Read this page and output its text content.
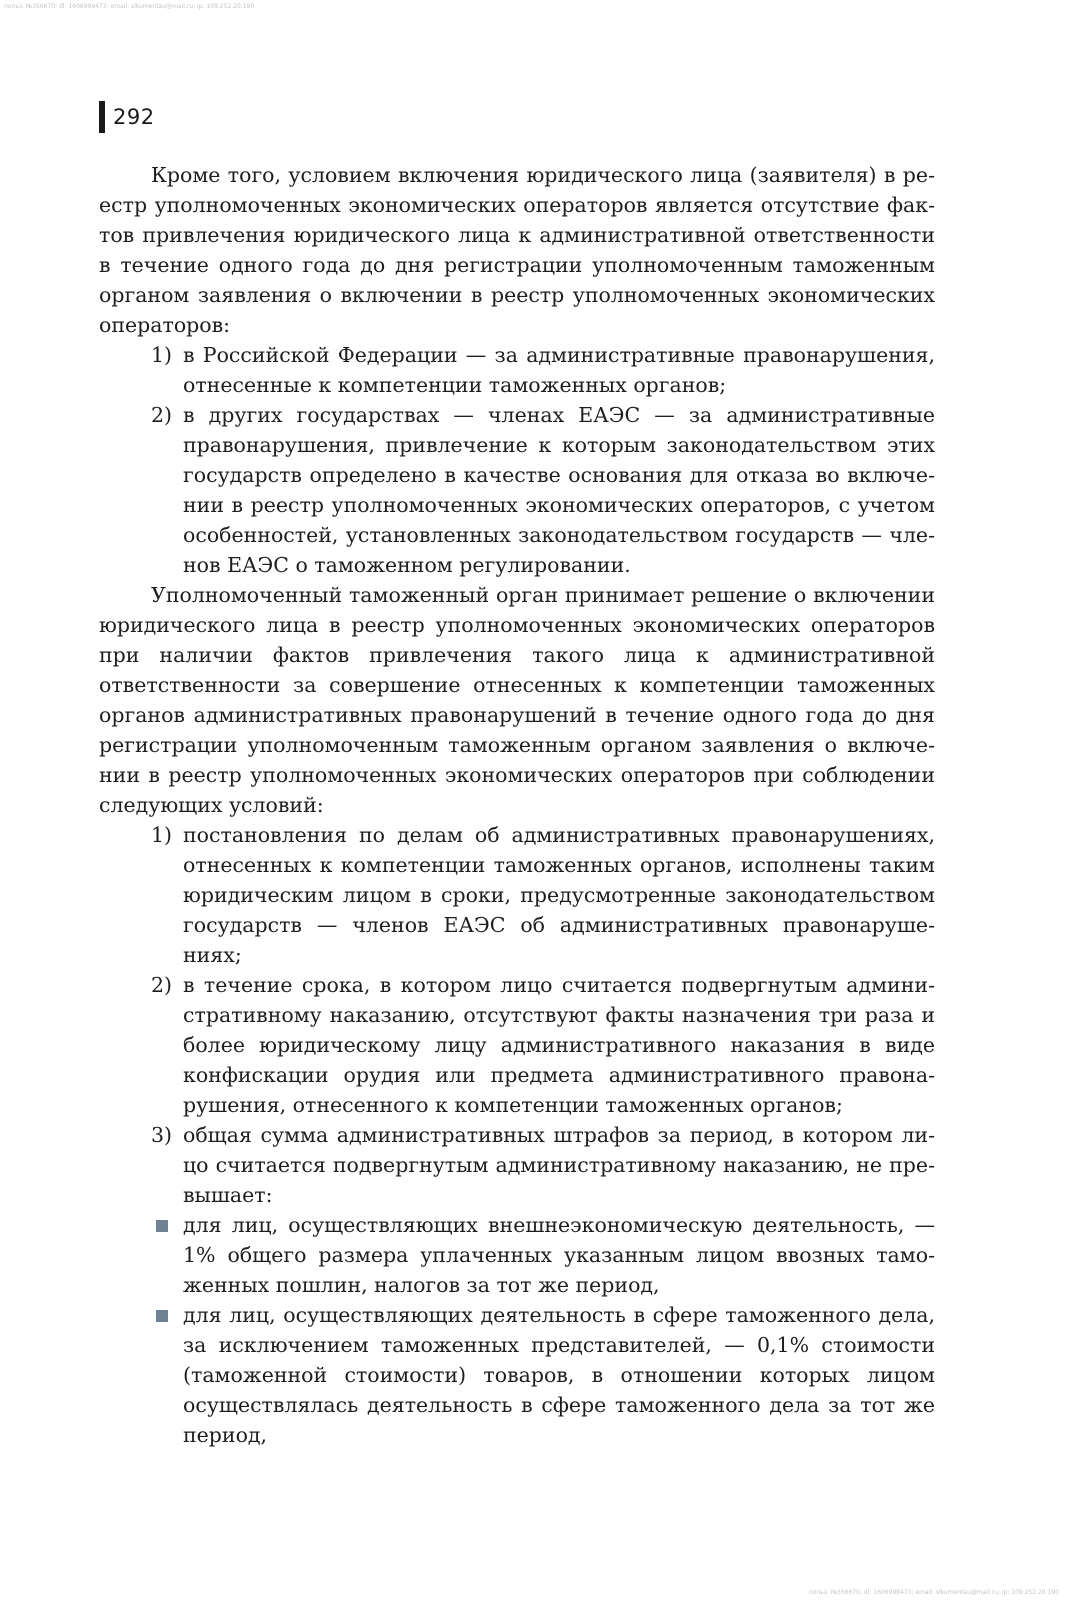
польз. №356670; dl: 1606999473; email: slkumentau@mail.ru; ip: 109.252.20.190
292

Кроме того, условием включения юридического лица (заявителя) в реестр уполномоченных экономических операторов является отсутствие фактов привлечения юридического лица к административной ответственности в течение одного года до дня регистрации уполномоченным таможенным органом заявления о включении в реестр уполномоченных экономических операторов:

1) в Российской Федерации — за административные правонарушения, отнесенные к компетенции таможенных органов;
2) в других государствах — членах ЕАЭС — за административные правонарушения, привлечение к которым законодательством этих государств определено в качестве основания для отказа во включении в реестр уполномоченных экономических операторов, с учетом особенностей, установленных законодательством государств — членов ЕАЭС о таможенном регулировании.

Уполномоченный таможенный орган принимает решение о включении юридического лица в реестр уполномоченных экономических операторов при наличии фактов привлечения такого лица к административной ответственности за совершение отнесенных к компетенции таможенных органов административных правонарушений в течение одного года до дня регистрации уполномоченным таможенным органом заявления о включении в реестр уполномоченных экономических операторов при соблюдении следующих условий:

1) постановления по делам об административных правонарушениях, отнесенных к компетенции таможенных органов, исполнены таким юридическим лицом в сроки, предусмотренные законодательством государств — членов ЕАЭС об административных правонарушениях;
2) в течение срока, в котором лицо считается подвергнутым административному наказанию, отсутствуют факты назначения три раза и более юридическому лицу административного наказания в виде конфискации орудия или предмета административного правонарушения, отнесенного к компетенции таможенных органов;
3) общая сумма административных штрафов за период, в котором лицо считается подвергнутым административному наказанию, не превышает:
для лиц, осуществляющих внешнеэкономическую деятельность, — 1% общего размера уплаченных указанным лицом ввозных таможенных пошлин, налогов за тот же период,
для лиц, осуществляющих деятельность в сфере таможенного дела, за исключением таможенных представителей, — 0,1% стоимости (таможенной стоимости) товаров, в отношении которых лицом осуществлялась деятельность в сфере таможенного дела за тот же период,
польз. №356670; dl: 1606999473; email: slkumentau@mail.ru; ip: 109.252.20.190
